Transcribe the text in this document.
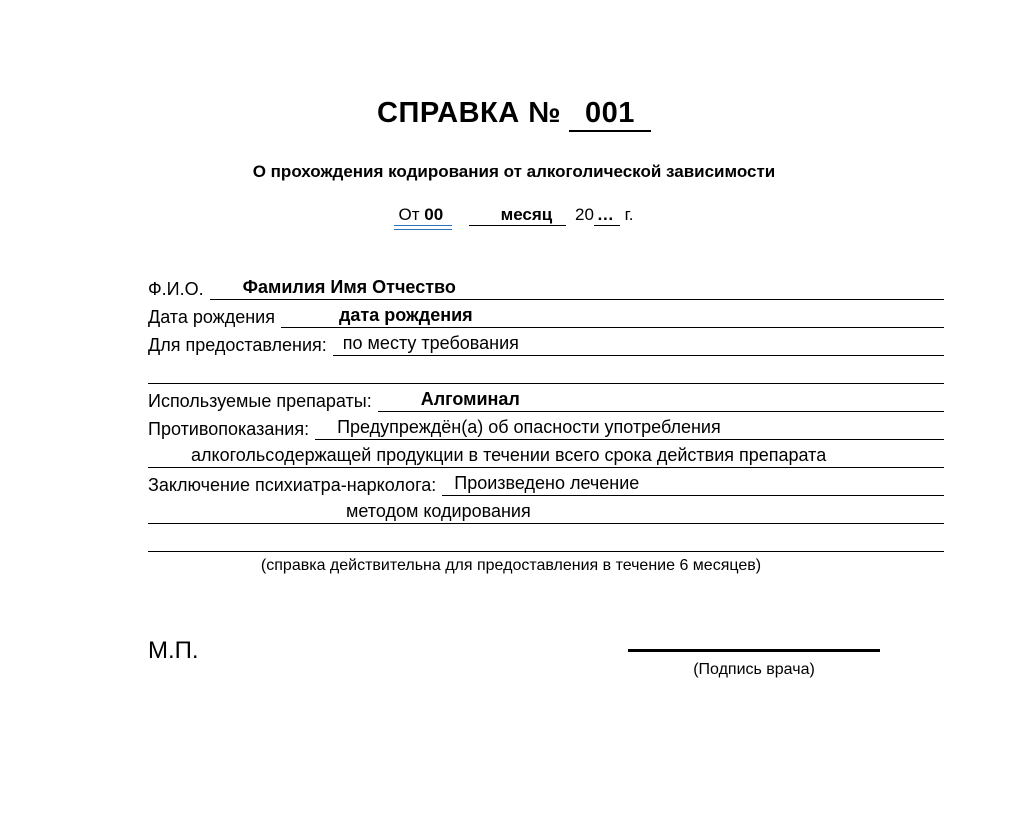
СПРАВКА № 001
О прохождения кодирования от алкоголической зависимости
От 00	месяц 20 … г.
Ф.И.О.	Фамилия Имя Отчество
Дата рождения	дата рождения
Для предоставления: по месту требования
Используемые препараты:	Алгоминал
Противопоказания:	Предупреждён(а) об опасности употребления
алкогольсодержащей продукции в течении всего срока действия препарата
Заключение психиатра-нарколога:	Произведено лечение
методом кодирования
(справка действительна для предоставления в течение 6 месяцев)
М.П.
(Подпись врача)
